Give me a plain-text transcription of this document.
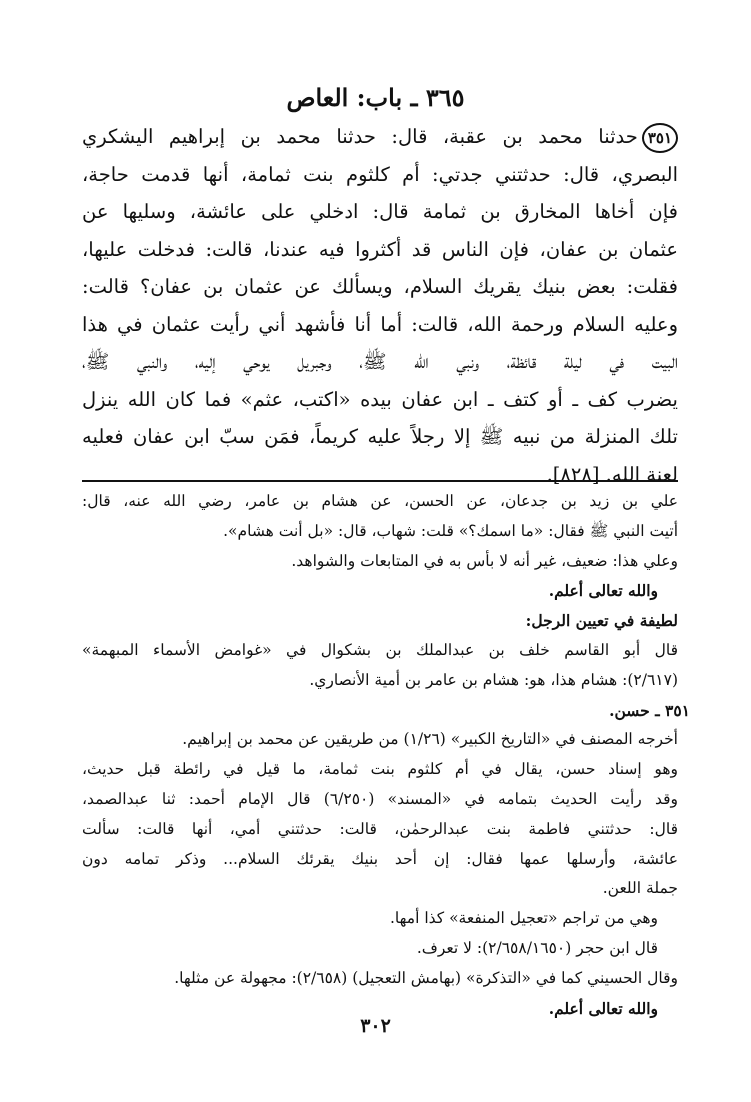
٣٦٥ ـ باب: العاص
٣٥١حدثنا محمد بن عقبة، قال: حدثنا محمد بن إبراهيم اليشكري
البصري، قال: حدثتني جدتي: أم كلثوم بنت ثمامة، أنها قدمت حاجة،
فإن أخاها المخارق بن ثمامة قال: ادخلي على عائشة، وسليها عن
عثمان بن عفان، فإن الناس قد أكثروا فيه عندنا، قالت: فدخلت عليها،
فقلت: بعض بنيك يقريك السلام، ويسألك عن عثمان بن عفان؟ قالت:
وعليه السلام ورحمة الله، قالت: أما أنا فأشهد أني رأيت عثمان في هذا
البيت في ليلة قائظة، ونبي الله ﷺ، وجبريل يوحي إليه، والنبي ﷺ،
يضرب كف ـ أو كتف ـ ابن عفان بيده «اكتب، عثم» فما كان الله ينزل
تلك المنزلة من نبيه ﷺ إلا رجلاً عليه كريماً، فمَن سبّ ابن عفان فعليه
لعنة الله. [٨٢٨].
علي بن زيد بن جدعان، عن الحسن، عن هشام بن عامر، رضي الله عنه، قال:
أتيت النبي ﷺ فقال: «ما اسمك؟» قلت: شهاب، قال: «بل أنت هشام».
وعلي هذا: ضعيف، غير أنه لا بأس به في المتابعات والشواهد.
والله تعالى أعلم.
لطيفة في تعيين الرجل:
قال أبو القاسم خلف بن عبدالملك بن بشكوال في «غوامض الأسماء المبهمة»
(٢/٦١٧): هشام هذا، هو: هشام بن عامر بن أمية الأنصاري.
٣٥١ ـ حسن.
أخرجه المصنف في «التاريخ الكبير» (١/٢٦) من طريقين عن محمد بن إبراهيم.
وهو إسناد حسن، يقال في أم كلثوم بنت ثمامة، ما قيل في رائطة قبل حديث،
وقد رأيت الحديث بتمامه في «المسند» (٦/٢٥٠) قال الإمام أحمد: ثنا عبدالصمد،
قال: حدثتني فاطمة بنت عبدالرحمٰن، قالت: حدثتني أمي، أنها قالت: سألت
عائشة، وأرسلها عمها فقال: إن أحد بنيك يقرئك السلام... وذكر تمامه دون
جملة اللعن.
وهي من تراجم «تعجيل المنفعة» كذا أمها.
قال ابن حجر (٢/٦٥٨/١٦٥٠): لا تعرف.
وقال الحسيني كما في «التذكرة» (بهامش التعجيل) (٢/٦٥٨): مجهولة عن مثلها.
والله تعالى أعلم.
٣٠٢
